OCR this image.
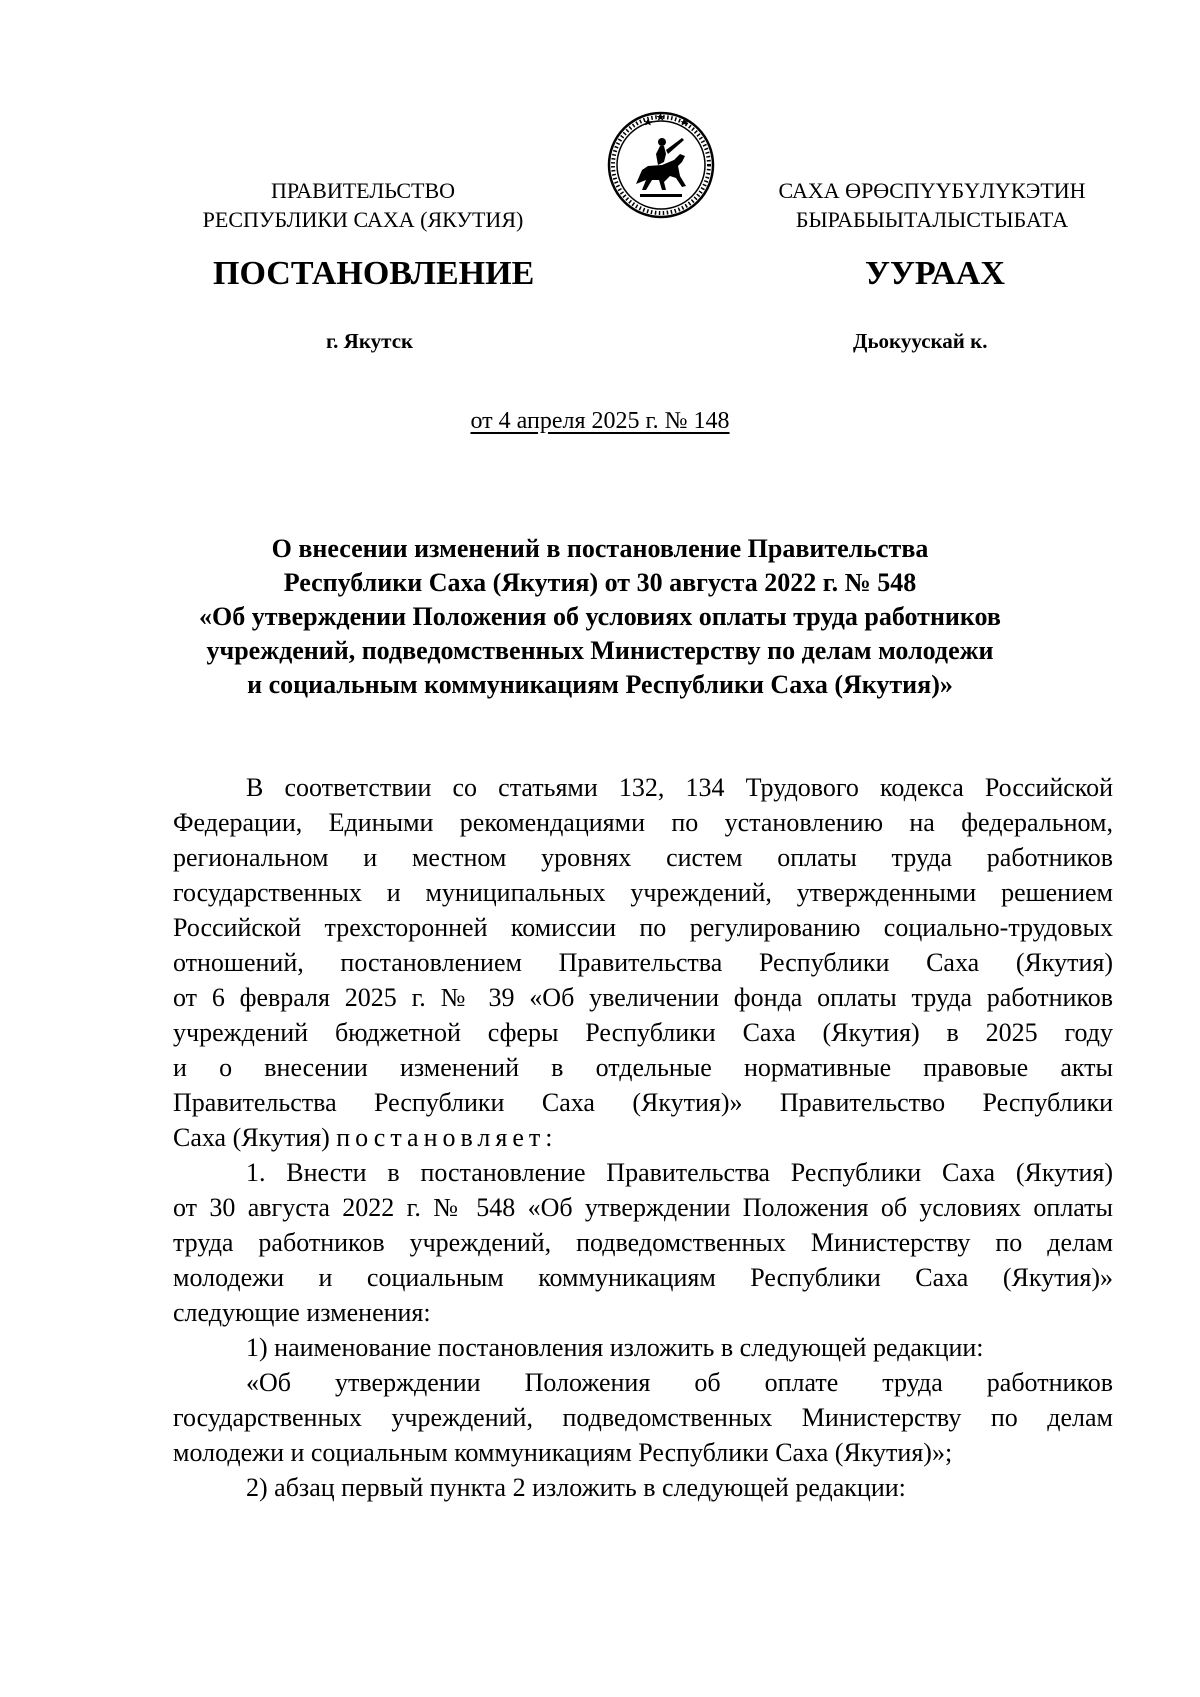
ПРАВИТЕЛЬСТВО
РЕСПУБЛИКИ САХА (ЯКУТИЯ)
САХА ӨРӨСПҮҮБҮЛҮКЭТИН
БЫРАБЫЫТАЛЫСТЫБАТА
ПОСТАНОВЛЕНИЕ	УУРААХ
г. Якутск	Дьокуускай к.
от 4 апреля 2025 г. № 148
О внесении изменений в постановление Правительства
Республики Саха (Якутия) от 30 августа 2022 г. № 548
«Об утверждении Положения об условиях оплаты труда работников
учреждений, подведомственных Министерству по делам молодежи
и социальным коммуникациям Республики Саха (Якутия)»
В соответствии со статьями 132, 134 Трудового кодекса Российской
Федерации, Едиными рекомендациями по установлению на федеральном,
региональном и местном уровнях систем оплаты труда работников
государственных и муниципальных учреждений, утвержденными решением
Российской трехсторонней комиссии по регулированию социально-трудовых
отношений, постановлением Правительства Республики Саха (Якутия)
от 6 февраля 2025 г. № 39 «Об увеличении фонда оплаты труда работников
учреждений бюджетной сферы Республики Саха (Якутия) в 2025 году
и о внесении изменений в отдельные нормативные правовые акты
Правительства Республики Саха (Якутия)» Правительство Республики
Саха (Якутия) постановляет:
1. Внести в постановление Правительства Республики Саха (Якутия)
от 30 августа 2022 г. № 548 «Об утверждении Положения об условиях оплаты
труда работников учреждений, подведомственных Министерству по делам
молодежи и социальным коммуникациям Республики Саха (Якутия)»
следующие изменения:
1) наименование постановления изложить в следующей редакции:
«Об утверждении Положения об оплате труда работников
государственных учреждений, подведомственных Министерству по делам
молодежи и социальным коммуникациям Республики Саха (Якутия)»;
2) абзац первый пункта 2 изложить в следующей редакции:
